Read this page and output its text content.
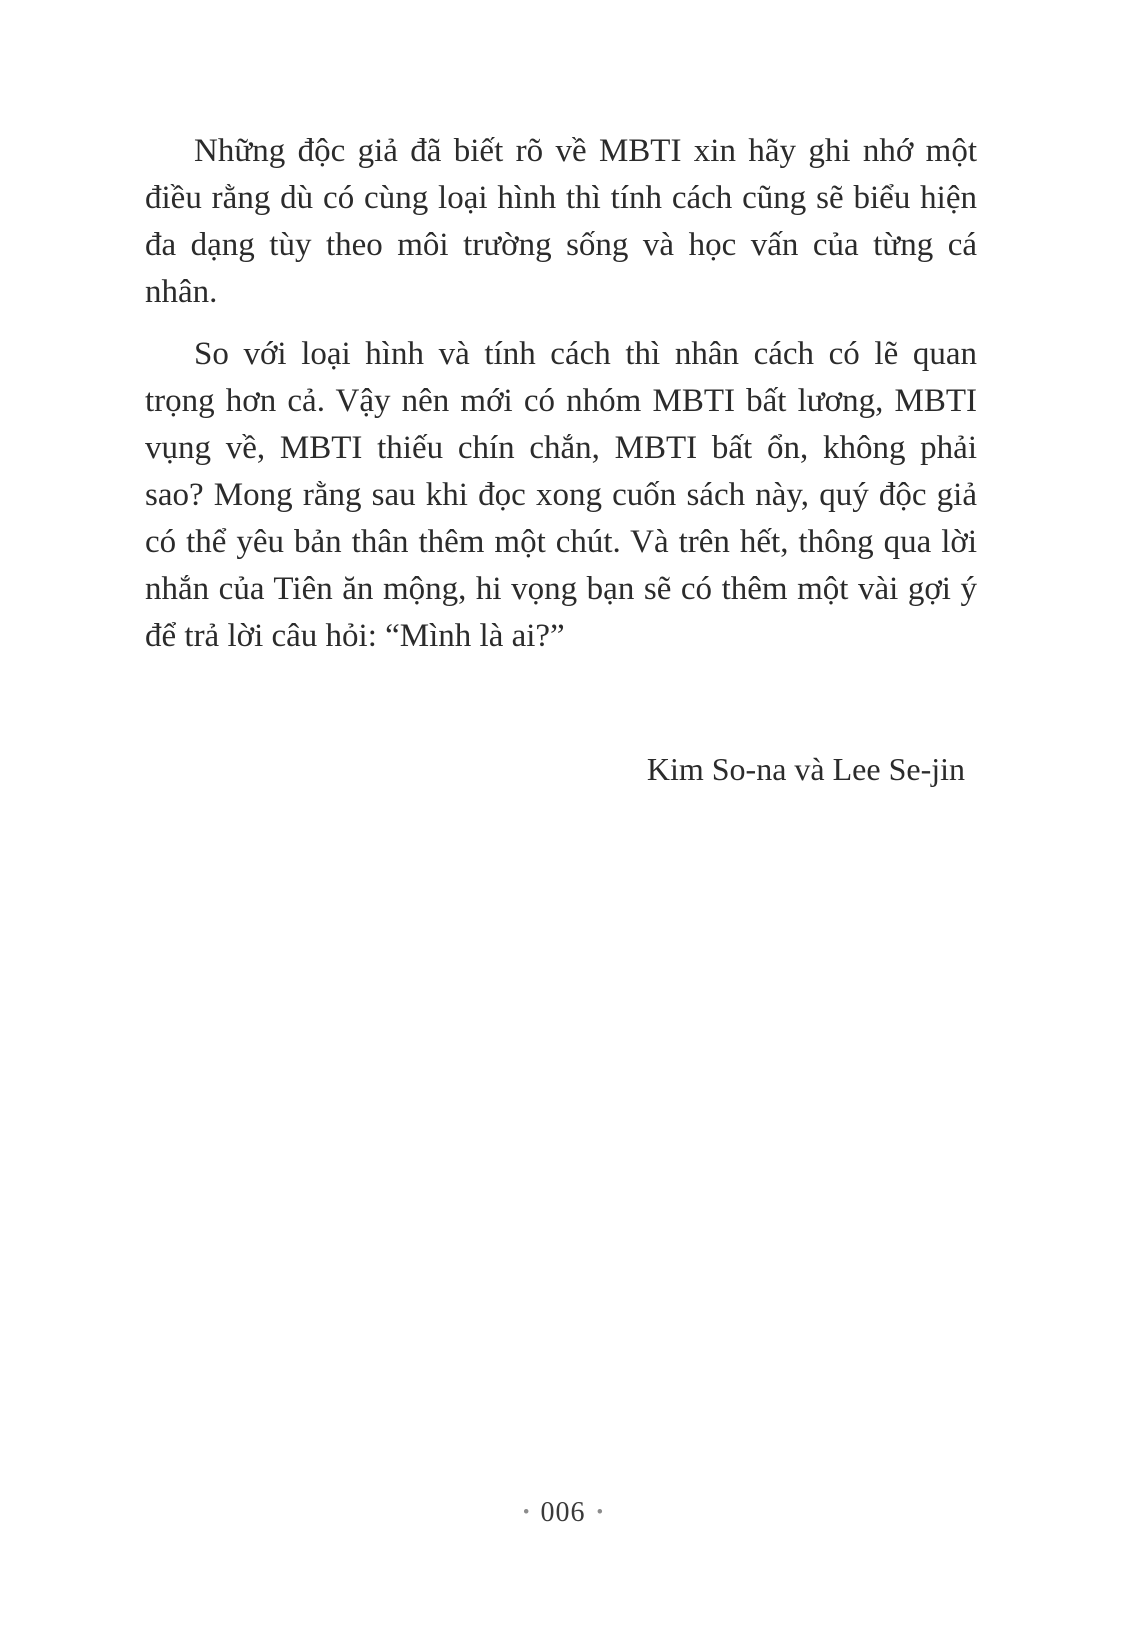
Những độc giả đã biết rõ về MBTI xin hãy ghi nhớ một điều rằng dù có cùng loại hình thì tính cách cũng sẽ biểu hiện đa dạng tùy theo môi trường sống và học vấn của từng cá nhân.

So với loại hình và tính cách thì nhân cách có lẽ quan trọng hơn cả. Vậy nên mới có nhóm MBTI bất lương, MBTI vụng về, MBTI thiếu chín chắn, MBTI bất ổn, không phải sao? Mong rằng sau khi đọc xong cuốn sách này, quý độc giả có thể yêu bản thân thêm một chút. Và trên hết, thông qua lời nhắn của Tiên ăn mộng, hi vọng bạn sẽ có thêm một vài gợi ý để trả lời câu hỏi: “Mình là ai?”

Kim So-na và Lee Se-jin

• 006 •
